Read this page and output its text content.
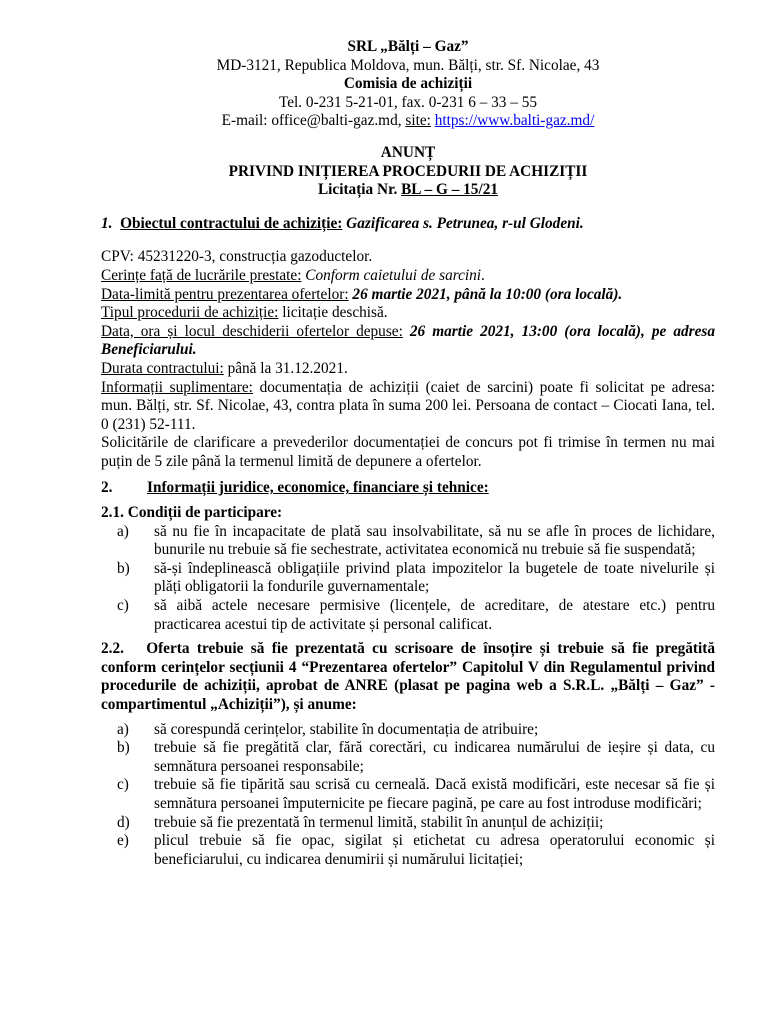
SRL „Bălți – Gaz”
MD-3121, Republica Moldova, mun. Bălți, str. Sf. Nicolae, 43
Comisia de achiziții
Tel. 0-231 5-21-01, fax. 0-231 6 – 33 – 55
E-mail: office@balti-gaz.md, site: https://www.balti-gaz.md/
ANUNȚ
PRIVIND INIȚIEREA PROCEDURII DE ACHIZIȚII
Licitația Nr. BL – G – 15/21
1. Obiectul contractului de achiziție: Gazificarea s. Petrunea, r-ul Glodeni.

CPV: 45231220-3, construcția gazoductelor.

Cerințe față de lucrările prestate: Conform caietului de sarcini.

Data-limită pentru prezentarea ofertelor: 26 martie 2021, până la 10:00 (ora locală).

Tipul procedurii de achiziție: licitație deschisă.

Data, ora și locul deschiderii ofertelor depuse: 26 martie 2021, 13:00 (ora locală), pe adresa Beneficiarului.

Durata contractului: până la 31.12.2021.

Informații suplimentare: documentația de achiziții (caiet de sarcini) poate fi solicitat pe adresa: mun. Bălți, str. Sf. Nicolae, 43, contra plata în suma 200 lei. Persoana de contact – Ciocati Iana, tel. 0 (231) 52-111.

Solicitările de clarificare a prevederilor documentației de concurs pot fi trimise în termen nu mai puțin de 5 zile până la termenul limită de depunere a ofertelor.

2.	Informații juridice, economice, financiare și tehnice:
2.1. Condiții de participare:
a)	să nu fie în incapacitate de plată sau insolvabilitate, să nu se afle în proces de lichidare, bunurile nu trebuie să fie sechestrate, activitatea economică nu trebuie să fie suspendată;
b)	să-și îndeplinească obligațiile privind plata impozitelor la bugetele de toate nivelurile și plăți obligatorii la fondurile guvernamentale;
c)	să aibă actele necesare permisive (licențele, de acreditare, de atestare etc.) pentru practicarea acestui tip de activitate și personal calificat.
2.2.   Oferta trebuie să fie prezentată cu scrisoare de însoțire și trebuie să fie pregătită conform cerințelor secțiunii 4 “Prezentarea ofertelor” Capitolul V din Regulamentul privind procedurile de achiziții, aprobat de ANRE (plasat pe pagina web a S.R.L. „Bălți – Gaz” - compartimentul „Achiziții”), și anume:
a)	să corespundă cerințelor, stabilite în documentația de atribuire;
b)	trebuie să fie pregătită clar, fără corectări, cu indicarea numărului de ieșire și data, cu semnătura persoanei responsabile;
c)	trebuie să fie tipărită sau scrisă cu cerneală. Dacă există modificări, este necesar să fie și semnătura persoanei împuternicite pe fiecare pagină, pe care au fost introduse modificări;
d)	trebuie să fie prezentată în termenul limită, stabilit în anunțul de achiziții;
e)	plicul trebuie să fie opac, sigilat și etichetat cu adresa operatorului economic și beneficiarului, cu indicarea denumirii și numărului licitației;
